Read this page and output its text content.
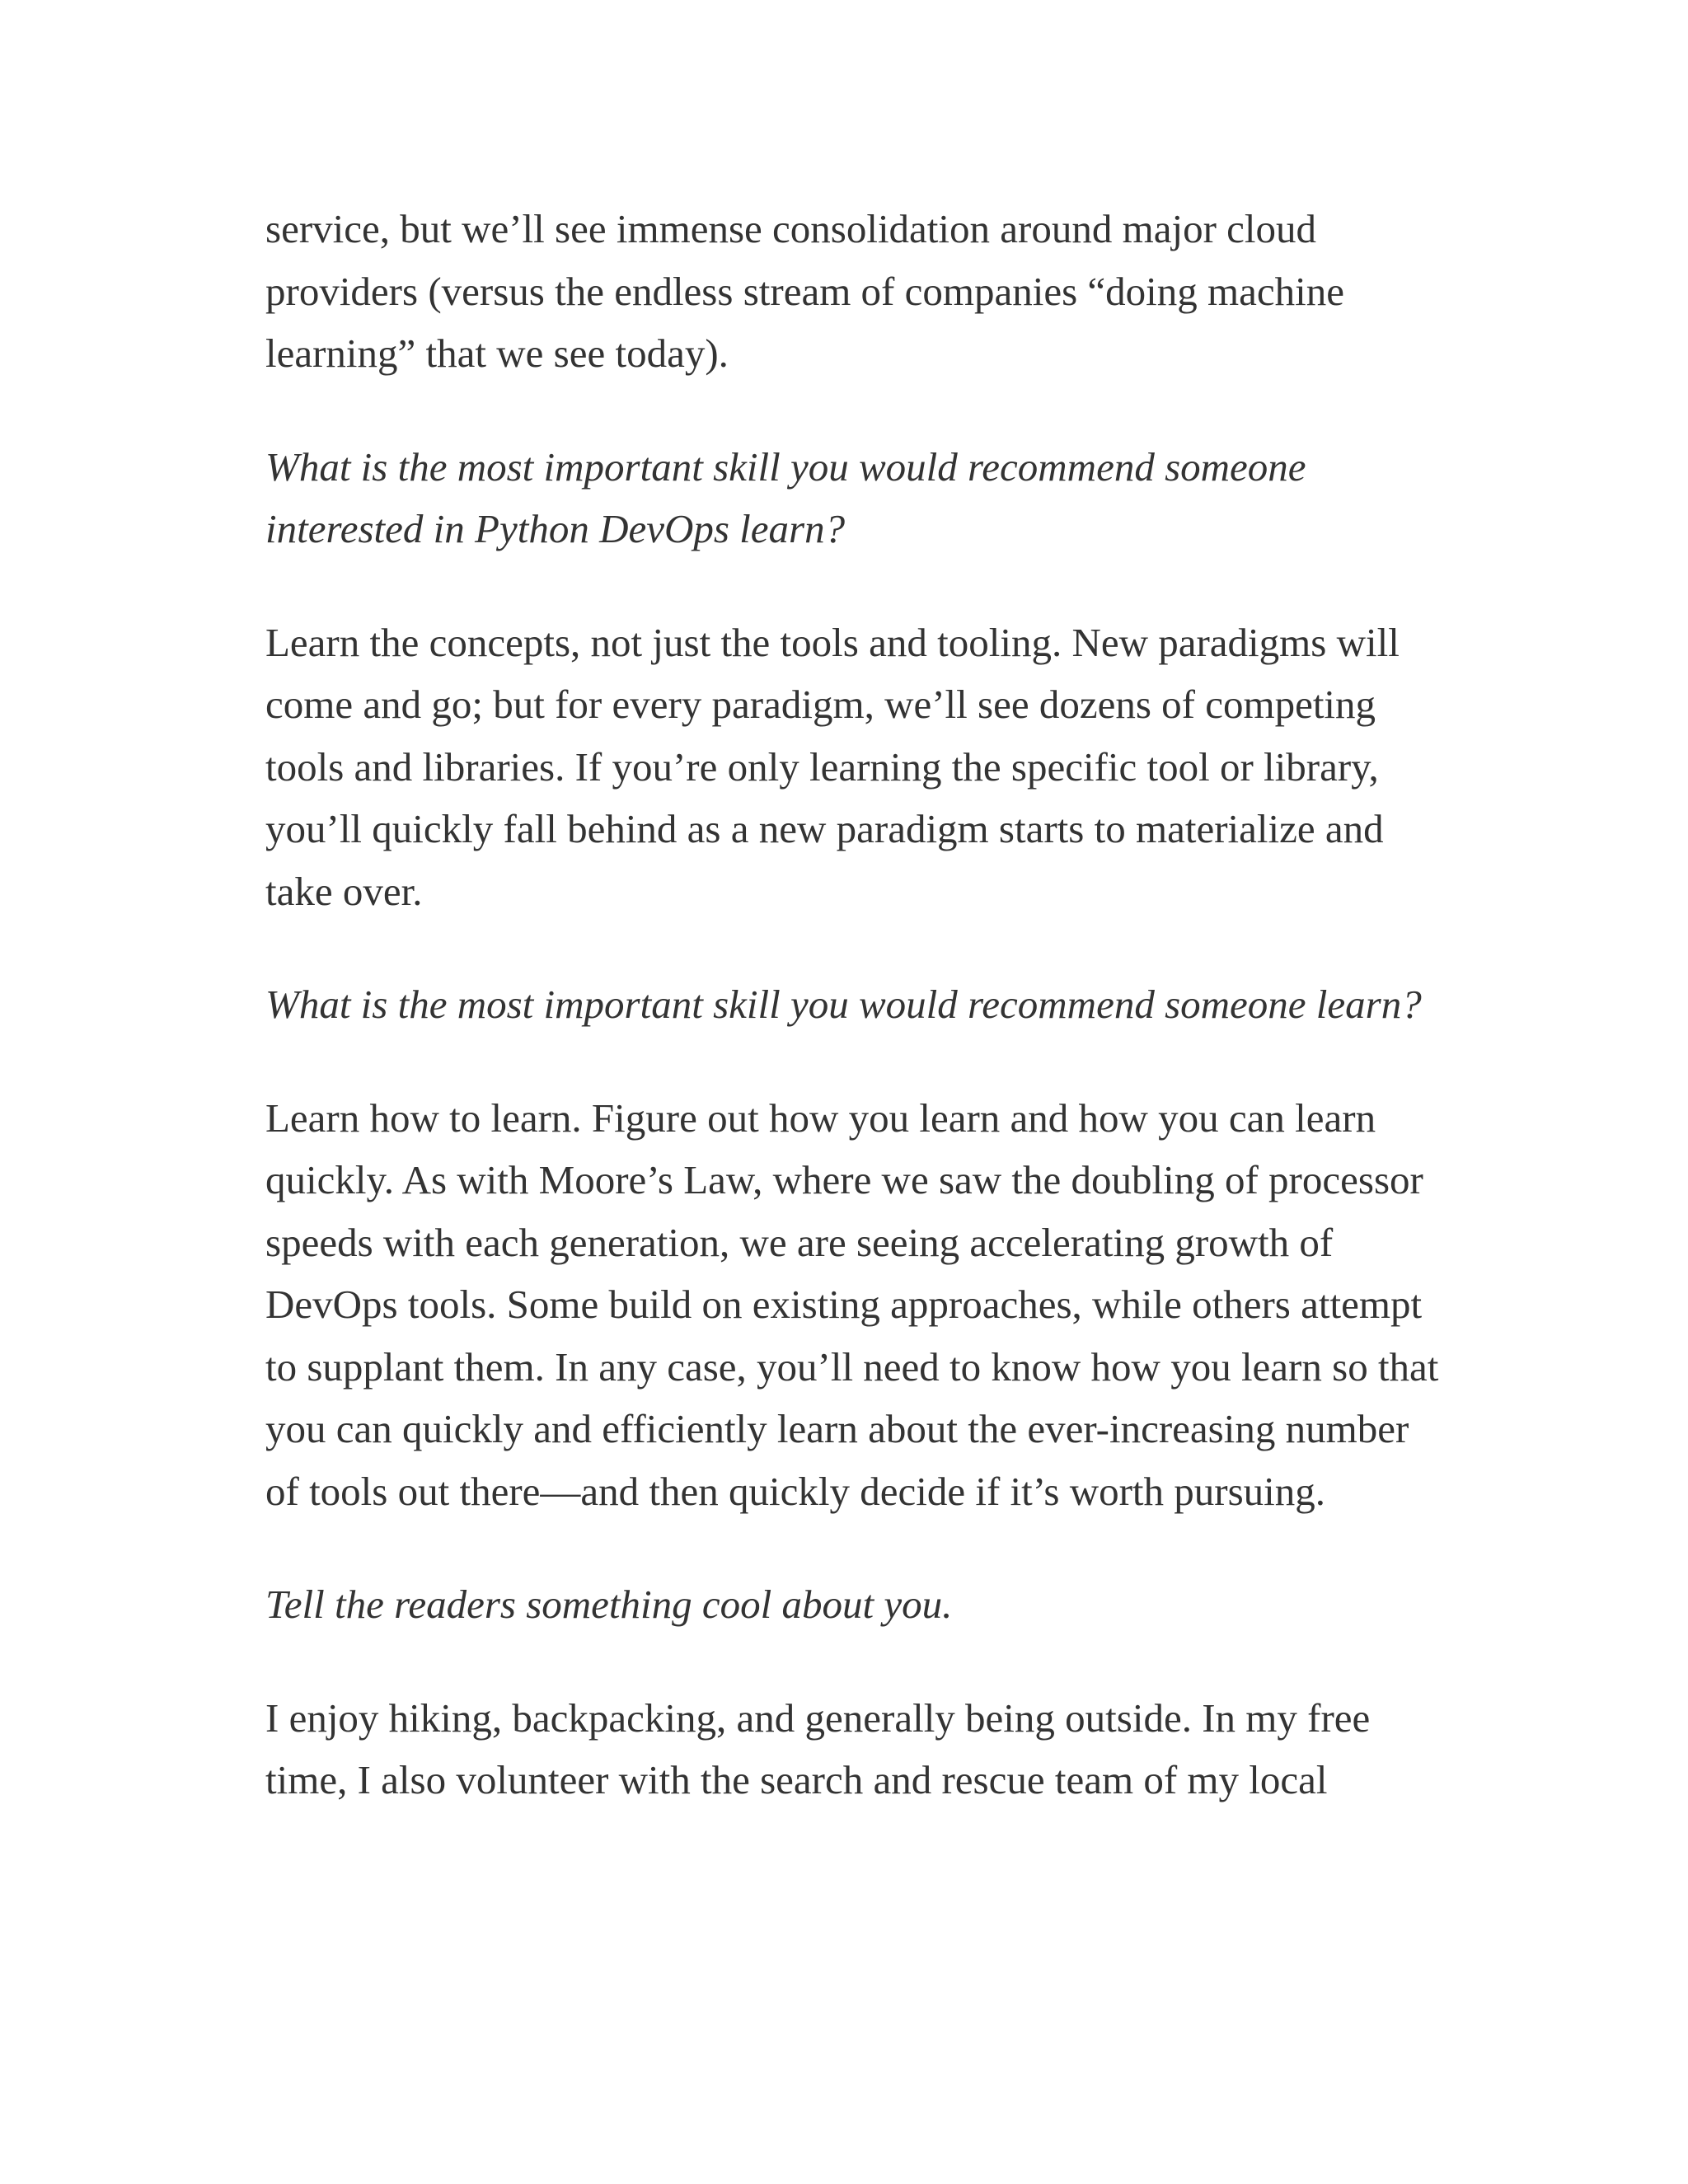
service, but we’ll see immense consolidation around major cloud providers (versus the endless stream of companies “doing machine learning” that we see today).

What is the most important skill you would recommend someone interested in Python DevOps learn?

Learn the concepts, not just the tools and tooling. New paradigms will come and go; but for every paradigm, we’ll see dozens of competing tools and libraries. If you’re only learning the specific tool or library, you’ll quickly fall behind as a new paradigm starts to materialize and take over.

What is the most important skill you would recommend someone learn?

Learn how to learn. Figure out how you learn and how you can learn quickly. As with Moore’s Law, where we saw the doubling of processor speeds with each generation, we are seeing accelerating growth of DevOps tools. Some build on existing approaches, while others attempt to supplant them. In any case, you’ll need to know how you learn so that you can quickly and efficiently learn about the ever-increasing number of tools out there—and then quickly decide if it’s worth pursuing.

Tell the readers something cool about you.

I enjoy hiking, backpacking, and generally being outside. In my free time, I also volunteer with the search and rescue team of my local
